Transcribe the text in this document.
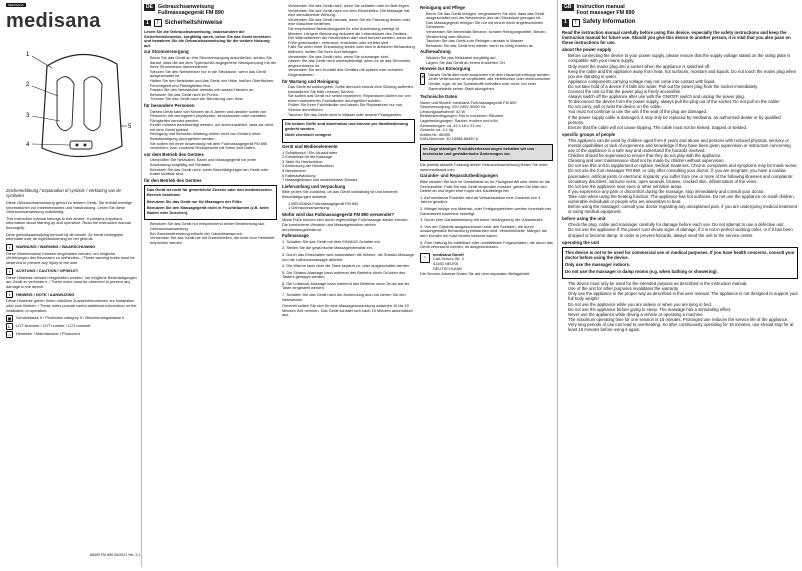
MEDISANA
medisana
1
2
3
4
5
Zeichenerklärung / Explanation of symbols / Verklaring van de symbolen

Diese Gebrauchsanweisung gehört zu diesem Gerät. Sie enthält wichtige Informationen zur Inbetriebnahme und Handhabung. Lesen Sie diese Gebrauchsanweisung vollständig.

This instruction manual belongs to this device. It contains important information about starting up and operation. Read the instruction manual thoroughly.

Deze gebruiksaanwijzing behoort bij dit toestel. Ze bevat belangrijke informatie over de ingebruikneming en het gebruik.

!	WARNUNG / WARNING / WAARSCHUWING

Diese Warnhinweise müssen eingehalten werden, um mögliche Verletzungen des Benutzers zu verhindern. / These warning notes must be observed to prevent any injury to the user.

!	ACHTUNG / CAUTION / OPGELET

Diese Hinweise müssen eingehalten werden, um mögliche Beschädigungen am Gerät zu verhindern. / These notes must be observed to prevent any damage to the device.

i	HINWEIS / NOTE / AANWIJZING

Diese Hinweise geben Ihnen nützliche Zusatzinformationen zur Installation oder zum Betrieb. / These notes provide useful additional information on the installation or operation.

▣	Schutzklasse II / Protection category II / Beschermingsklasse II
L	LOT-Nummer / LOT number / LOT-nummer
⌂	Hersteller / Manufacturer / Producent
88390 FM 890 06/2021 Ver. 2.1
DE Gebrauchsanweisung
Fußmassagegerät FM 890
1	!	Sicherheitshinweise

Lesen Sie die Gebrauchsanweisung, insbesondere die Sicherheitshinweise, sorgfältig durch, bevor Sie das Gerät einsetzen und bewahren Sie die Gebrauchsanweisung für die weitere Nutzung auf.

zur Stromversorgung
• Bevor Sie das Gerät an Ihre Stromversorgung anschließen, achten Sie darauf, dass die auf dem Typenschild angegebene Netzspannung mit der Ihres Stromnetzes übereinstimmt.
• Stecken Sie den Netzstecker nur in die Steckdose, wenn das Gerät ausgeschaltet ist.
• Halten Sie den Netzkabel und das Gerät von Hitze, heißen Oberflächen, Feuchtigkeit und Flüssigkeiten fern.
• Fassen Sie den Netzstecker niemals mit nassen Händen an.
• Benutzen Sie das Gerät nicht im Freien.
• Trennen Sie das Gerät nach der Benutzung vom Netz.
für besondere Personen
• Dieses Gerät kann von Kindern ab 8 Jahren und darüber sowie von Personen mit verringerten physischen, sensorischen oder mentalen Fähigkeiten benutzt werden.
• Kinder müssen beaufsichtigt werden, um sicherzustellen, dass sie nicht mit dem Gerät spielen.
• Reinigung und Benutzer-Wartung dürfen nicht von Kindern ohne Beaufsichtigung durchgeführt werden.
• Sie sollten mit einer Anwendung mit dem Fußmassagegerät FM 890 verzichten, bzw. zunächst Rücksprache mit Ihrem Arzt halten.
vor dem Betrieb des Gerätes
• Überprüfen Sie Netzkabel, Kabel und Massagegerät vor jeder Anwendung sorgfältig auf Schäden.
• Benutzen Sie das Gerät nicht, wenn Beschädigungen am Gerät oder Kabel sichtbar sind.
für den Betrieb des Gerätes

Das Gerät ist nicht für gewerbliche Zwecke oder den medizinischen Bereich bestimmt.

Benutzen Sie das Gerät nur für Massagen der Füße.

Benutzen Sie den Massagegerät nicht in Feuchträumen (z.B. beim Baden oder Duschen).

• Benutzen Sie das Gerät nur entsprechend seiner Bestimmung laut Gebrauchsanweisung.
• Bei Zweckentfremdung erlischt der Garantieanspruch.
• Verwenden Sie das Gerät nie mit Zubehörteilen, die nicht vom Hersteller empfohlen werden.
• Verwenden Sie das Gerät nicht, wenn Sie schlafen oder im Bett liegen.
• Verwenden Sie das Gerät nicht vor dem Einschlafen. Die Massage hat eine stimulierende Wirkung.
• Verwenden Sie das Gerät niemals, wenn Sie ein Fahrzeug lenken oder eine Maschine bedienen.
• Die empfohlene Behandlungszeit für eine Anwendung beträgt 15 Minuten. Längere Benutzung reduziert die Lebensdauer des Gerätes.
• Der Wärmebereich der Heizfunktion darf nicht benutzt werden, wenn die Füße geschwollen, verbrannt, entzündet oder verletzt sind.
• Falls Sie unter einer Erkrankung leiden oder sich in ärztlicher Behandlung befinden, sollten Sie Ihren Arzt befragen.
• Verwenden Sie das Gerät nicht, wenn Sie schwanger sind.
• Lassen Sie das Gerät nicht unbeaufsichtigt, wenn es an das Stromnetz angeschlossen ist.
• Verwenden Sie den Kontakt des Gerätes mit spitzen oder scharfen Gegenständen.
für Wartung und Reinigung
• Das Gerät ist wartungsfrei. Sollte dennoch einmal eine Störung auftreten, kontaktieren Sie bitte unseren Service.
• Sie sollten das Gerät nur selbst reparieren. Reparaturen dürfen nur von einem autorisierten Fachhändler durchgeführt werden.
• Prüfen Sie Ihren Fachhändler und lassen Sie Reparaturen nur von Service durchführen.
• Tauchen Sie das Gerät nicht in Wasser oder andere Flüssigkeiten.

Die beiden Griffe sind abnehmbar und können per Handbedienung gedreht werden.

Nicht chemisch reinigen!

Gerät und Bedienelemente
1 Schaltknopf / Ein-/Ausschalter
2 Einstellrad für die Massage
3 Taste für Heizfunktion
4 Abdeckung der Heizfunktion
5 Netzstecker
6 Kabelaufwicklung
7 Massagedüsen und abnehmbarer Einsatz
Lieferumfang und Verpackung

Bitte prüfen Sie zunächst, ob das Gerät vollständig ist und keinerlei Beschädigungen aufweist.

• 1 MEDISANA Fußmassagegerät FM 890
• 1 Gebrauchsanweisung
Wofür wird das Fußmassagegerät FM 890 verwendet?

Müde Füße können sich durch regelmäßige Fußmassage wieder erholen. Die kombinierte Vibration und Massagefunktion wirken durchblutungsfördernd.

Fußmassage

1. Schalten Sie das Gerät mit dem EIN/AUS-Schalter ein.

2. Stellen Sie die gewünschte Massageintensität ein.

3. Durch das Einschalten wird automatisch die Wärme, die Shiatsu-Massage und die Luftdruckmassage aktiviert.

4. Die Wärme kann über die Taste separat zu- oder ausgeschaltet werden.

5. Die Shiatsu-Massage kann während des Betriebs durch Drücken des Tasters gestoppt werden.

6. Die Luftdruck-Massage kann während des Betriebs durch Druck auf die Taste eingestellt werden.

7. Schalten Sie das Gerät nach der Anwendung aus und ziehen Sie den Netzstecker.

Generell sollten Sie sich für eine Massageanwendung zwischen 10 bis 15 Minuten Zeit nehmen. Das Gerät schaltet sich nach 15 Minuten automatisch aus.

Reinigung und Pflege
• Bevor Sie das Gerät reinigen, vergewissern Sie sich, dass das Gerät ausgeschaltet und der Netzstecker aus der Steckdose gezogen ist.
• Das Massagegerät reinigen Sie nur mit einem leicht angefeuchteten Schwamm.
• Verwenden Sie keinesfalls Benzine, scharfe Reinigungsmittel, Benzin, Verdünnung oder Alkohol.
• Tauchen Sie das Gerät zum Reinigen niemals in Wasser.
• Benutzen Sie das Gerät erst wieder, wenn es völlig trocken ist.
Aufbewahrung
• Wickeln Sie das Netzkabel sorgfältig auf.
• Lagern Sie das Gerät an einem trockenen Ort.
Hinweis zur Entsorgung
✕ Dieses Gerät darf nicht zusammen mit dem Hausmüll entsorgt werden. Jeder Verbraucher ist verpflichtet, alle elektrischen oder elektronischen Geräte, egal, ob sie Schadstoffe enthalten oder nicht, bei einer Sammelstelle seiner Stadt abzugeben.

Technische Daten
Name und Modell: medisana Fußmassagegerät FM 890
Stromversorgung: 220-240V 50/60 Hz
Leistungsaufnahme: 52 W
Betriebsbedingungen: Nur in trockenen Räumen
Lagerbedingungen: Sauber, trocken und kühl
Abmessungen: ca. 42 x 18 x 23 cm
Gewicht: ca. 4,1 kg
Artikel-Nr.: 88390
EAN-Nummer: 40 15588 88390 6

Im Zuge ständiger Produktverbesserungen behalten wir uns technische und gestalterische Änderungen vor.

Die jeweils aktuelle Fassung dieser Gebrauchsanweisung finden Sie unter www.medisana.com

Garantie- und Reparaturbedingungen

Bitte wenden Sie sich im Garantiefall an Ihr Fachgeschäft oder direkt an die Servicestelle. Falls Sie das Gerät einsenden müssen, geben Sie bitte den Defekt an und legen eine Kopie des Kaufbelegs bei.

1. Auf medisana Produkte wird ab Verkaufsdatum eine Garantie von 3 Jahren gewährt.

2. Mängel infolge von Material- oder Fertigungsfehlern werden innerhalb der Garantiezeit kostenlos beseitigt.

3. Durch eine Garantieleistung tritt keine Verlängerung der Garantiezeit.

4. Von der Garantie ausgeschlossen sind: alle Schäden, die durch unsachgemäße Behandlung entstanden sind; Verschleißteile; Mängel, die dem Kunden bei Kauf bereits bekannt waren.

5. Eine Haftung für mittelbare oder unmittelbare Folgeschäden, die durch das Gerät verursacht werden, ist ausgeschlossen.

⌂	medisana GmbH
Carl-Schurz-Str. 2
41453 NEUSS
DEUTSCHLAND

Die Service-Adresse finden Sie auf dem separaten Beilageblatt.

GB Instruction manual
Foot massager FM 890
1	!	Safety Information

Read the instruction manual carefully before using this device, especially the safety instructions and keep the instruction manual for future use. Should you give this device to another person, it is vital that you also pass on these instructions for use.

about the power supply
• Before connecting the device to your power supply, please ensure that the supply voltage stated on the rating plate is compatible with your mains supply.
• Only insert the mains plug into a socket when the appliance is switched off.
• Keep the cable and the appliance away from heat, hot surfaces, moisture and liquids. Do not touch the mains plug when you are standing in water.
• Appliance components carrying voltage may not come into contact with liquid.
• Do not take hold of a device if it falls into water. Pull out the power plug from the socket immediately.
• Connect the unit so that the power plug is freely accessible.
• Always switch off the appliance after use with the ON/OFF switch and unplug the power plug.
• To disconnect the device from the power supply, always pull the plug out of the socket. Do not pull on the cable!
• Do not carry, pull or twist the device on the cable.
• You must not continue to use the unit if the seal of the plug are damaged.
• If the power supply cable is damaged, it may only be replaced by medisana, an authorised dealer or by qualified persons.
• Ensure that the cable will not cause tripping. The cable must not be kinked, trapped or twisted.
specific groups of people
• This appliance can be used by children aged from 8 years and above and persons with reduced physical, sensory or mental capabilities or lack of experience and knowledge if they have been given supervision or instruction concerning use of the appliance in a safe way and understand the hazards involved.
• Children should be supervised to ensure that they do not play with the appliance.
• Cleaning and user maintenance shall not be made by children without supervision.
• Do not use this unit to supplement or replace medical treatment. Chronic complaints and symptoms may be made worse.
• Do not use the foot massager FM 890, or only after consulting your doctor, if: you are pregnant; you have a cardiac pacemaker, artificial joints or electronic implants; you suffer from one or more of the following illnesses and complaints: circulatory disorders, varicose veins, open wounds, bruises, cracked skin, inflammation of the veins.
• Do not use the appliance near eyes or other sensitive areas.
• If you experience any pain or discomfort during the massage, stop immediately and consult your doctor.
• Take care when using the heating function. The appliance has hot surfaces. Do not use the appliance on small children, vulnerable individuals or people who are insensitive to heat.
• Before using the massager, consult your doctor regarding any unexplained pain, if you are undergoing medical treatment or using medical equipment.
before using the unit
• Check the plug, cable and massager carefully for damage before each use. Do not attempt to use a defective unit.
• Do not use the appliance if: the power cord shows signs of damage, if it is not in perfect working order, or if it has been dropped or become damp. In order to prevent hazards, always send the unit to the service centre.
operating the unit

This device is not to be used for commercial use or medical purposes. If you have health concerns, consult your doctor before using the device.

Only use the massager indoors.

Do not use the massager in damp rooms (e.g. when bathing or showering).

• The device must only be used for the intended purpose as described in the instruction manual.
• Use of the unit for other purposes invalidates the warranty.
• Only use the appliance in the proper way as described in this user manual. The appliance is not designed to support your full body weight!
• Do not use the appliance while you are asleep or when you are lying in bed.
• Do not use the appliance before going to sleep. The massage has a stimulating effect.
• Never use the appliance while driving a vehicle or operating a machine.
• The maximum operating time for one session is 15 minutes. Prolonged use reduces the service life of the appliance.
• Very long periods of use can lead to overheating. So after continuously operating for 15 minutes, use should stop for at least 15 minutes before using it again.
